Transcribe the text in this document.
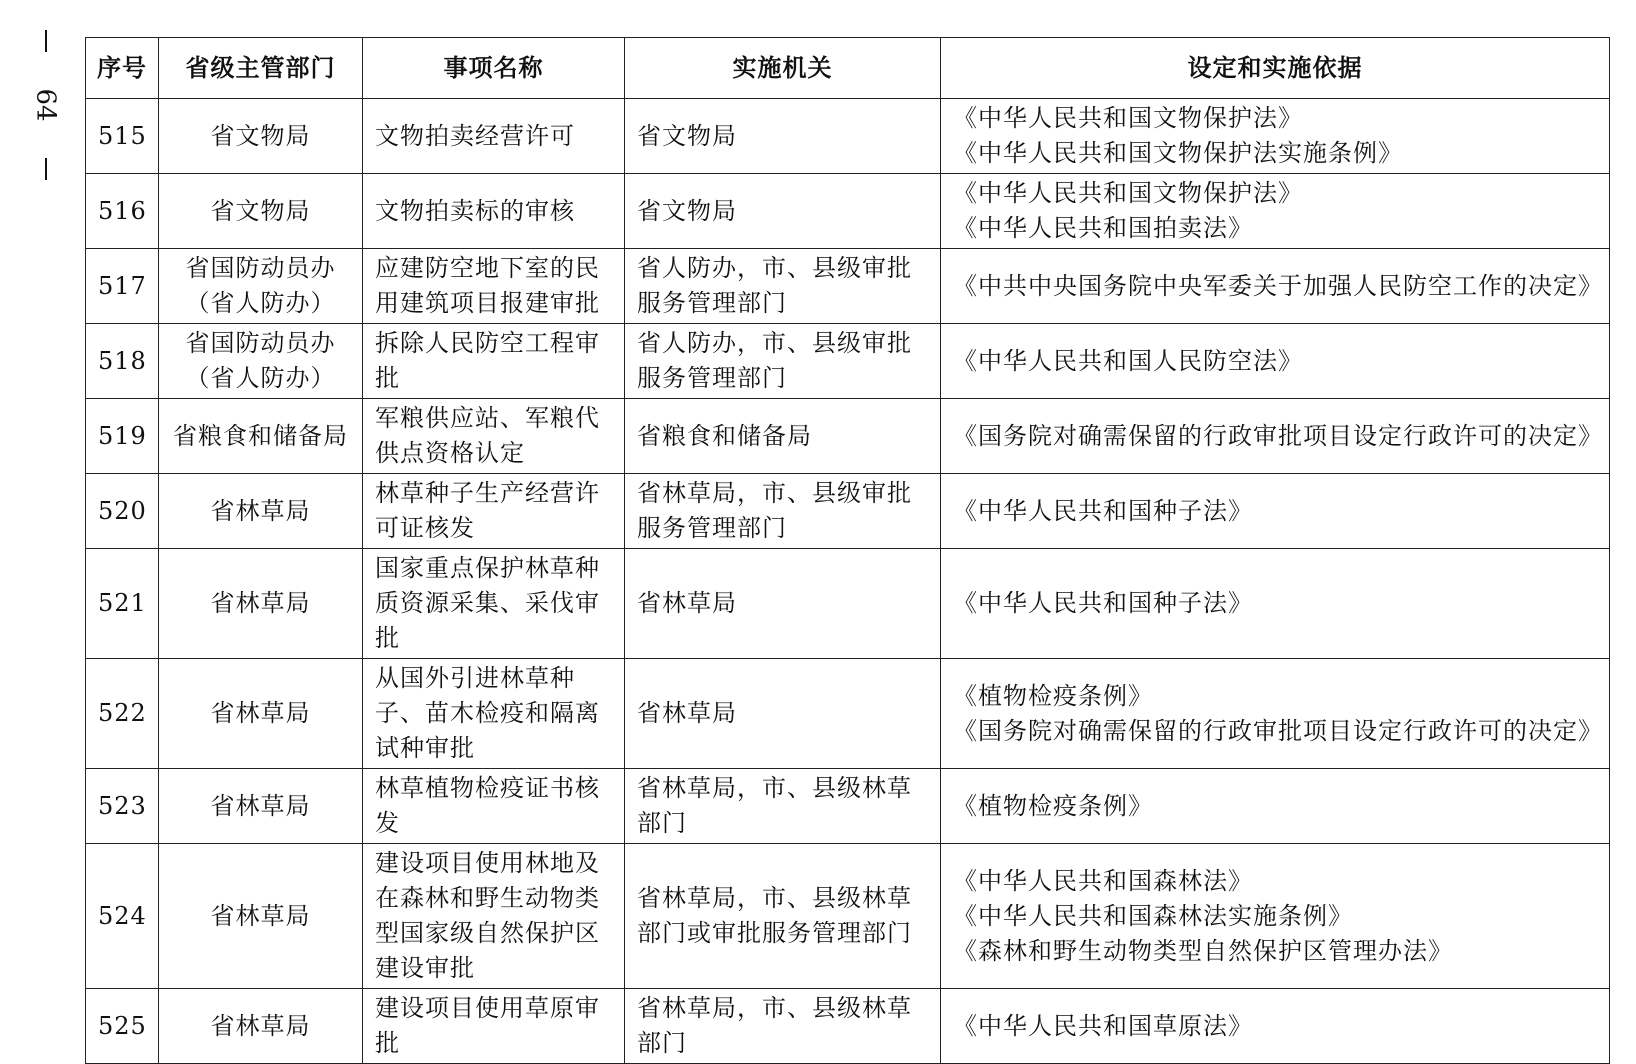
64
序号	省级主管部门	事项名称	实施机关	设定和实施依据
515	省文物局	文物拍卖经营许可	省文物局	《中华人民共和国文物保护法》
《中华人民共和国文物保护法实施条例》

516	省文物局	文物拍卖标的审核	省文物局	《中华人民共和国文物保护法》
《中华人民共和国拍卖法》

517	省国防动员办
（省人防办）	应建防空地下室的民用建筑项目报建审批	省人防办，市、县级审批服务管理部门	《中共中央国务院中央军委关于加强人民防空工作的决定》

518	省国防动员办
（省人防办）	拆除人民防空工程审批	省人防办，市、县级审批服务管理部门	《中华人民共和国人民防空法》

519	省粮食和储备局	军粮供应站、军粮代供点资格认定	省粮食和储备局	《国务院对确需保留的行政审批项目设定行政许可的决定》

520	省林草局	林草种子生产经营许可证核发	省林草局，市、县级审批服务管理部门	《中华人民共和国种子法》

521	省林草局	国家重点保护林草种质资源采集、采伐审批	省林草局	《中华人民共和国种子法》

522	省林草局	从国外引进林草种子、苗木检疫和隔离试种审批	省林草局	《植物检疫条例》
《国务院对确需保留的行政审批项目设定行政许可的决定》

523	省林草局	林草植物检疫证书核发	省林草局，市、县级林草部门	《植物检疫条例》

524	省林草局	建设项目使用林地及在森林和野生动物类型国家级自然保护区建设审批	省林草局，市、县级林草部门或审批服务管理部门	《中华人民共和国森林法》
《中华人民共和国森林法实施条例》
《森林和野生动物类型自然保护区管理办法》

525	省林草局	建设项目使用草原审批	省林草局，市、县级林草部门	《中华人民共和国草原法》
